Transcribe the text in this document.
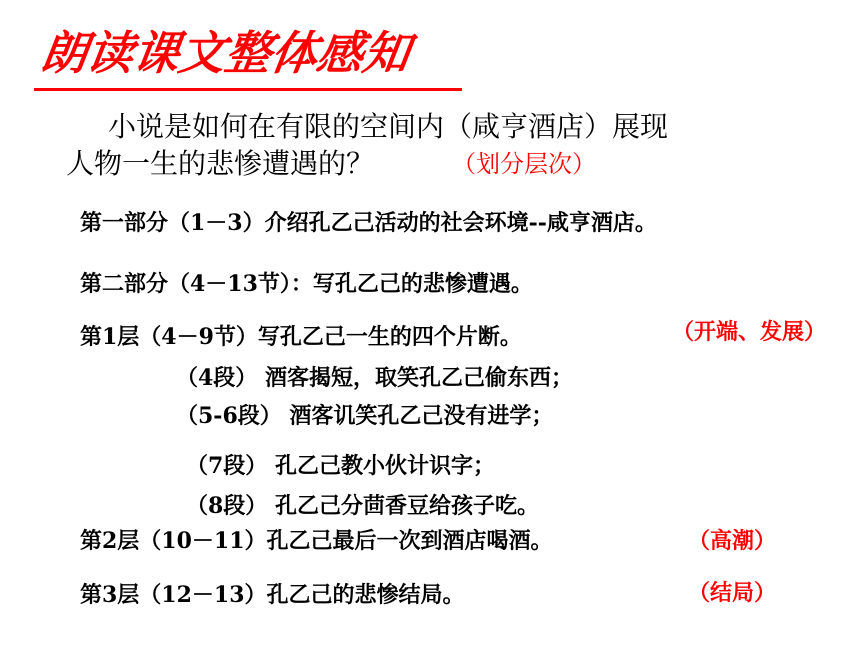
朗读课文整体感知
小说是如何在有限的空间内（咸亨酒店）展现
人物一生的悲惨遭遇的？	（划分层次）
第一部分（1－3）介绍孔乙己活动的社会环境--咸亨酒店。
第二部分（4－13节）：写孔乙己的悲惨遭遇。
第1层（4－9节）写孔乙己一生的四个片断。	（开端、发展）
（4段） 酒客揭短，取笑孔乙己偷东西；
（5-6段） 酒客讥笑孔乙己没有进学；
（7段） 孔乙己教小伙计识字；
（8段） 孔乙己分茴香豆给孩子吃。
第2层（10－11）孔乙己最后一次到酒店喝酒。	（高潮）
第3层（12－13）孔乙己的悲惨结局。	（结局）
